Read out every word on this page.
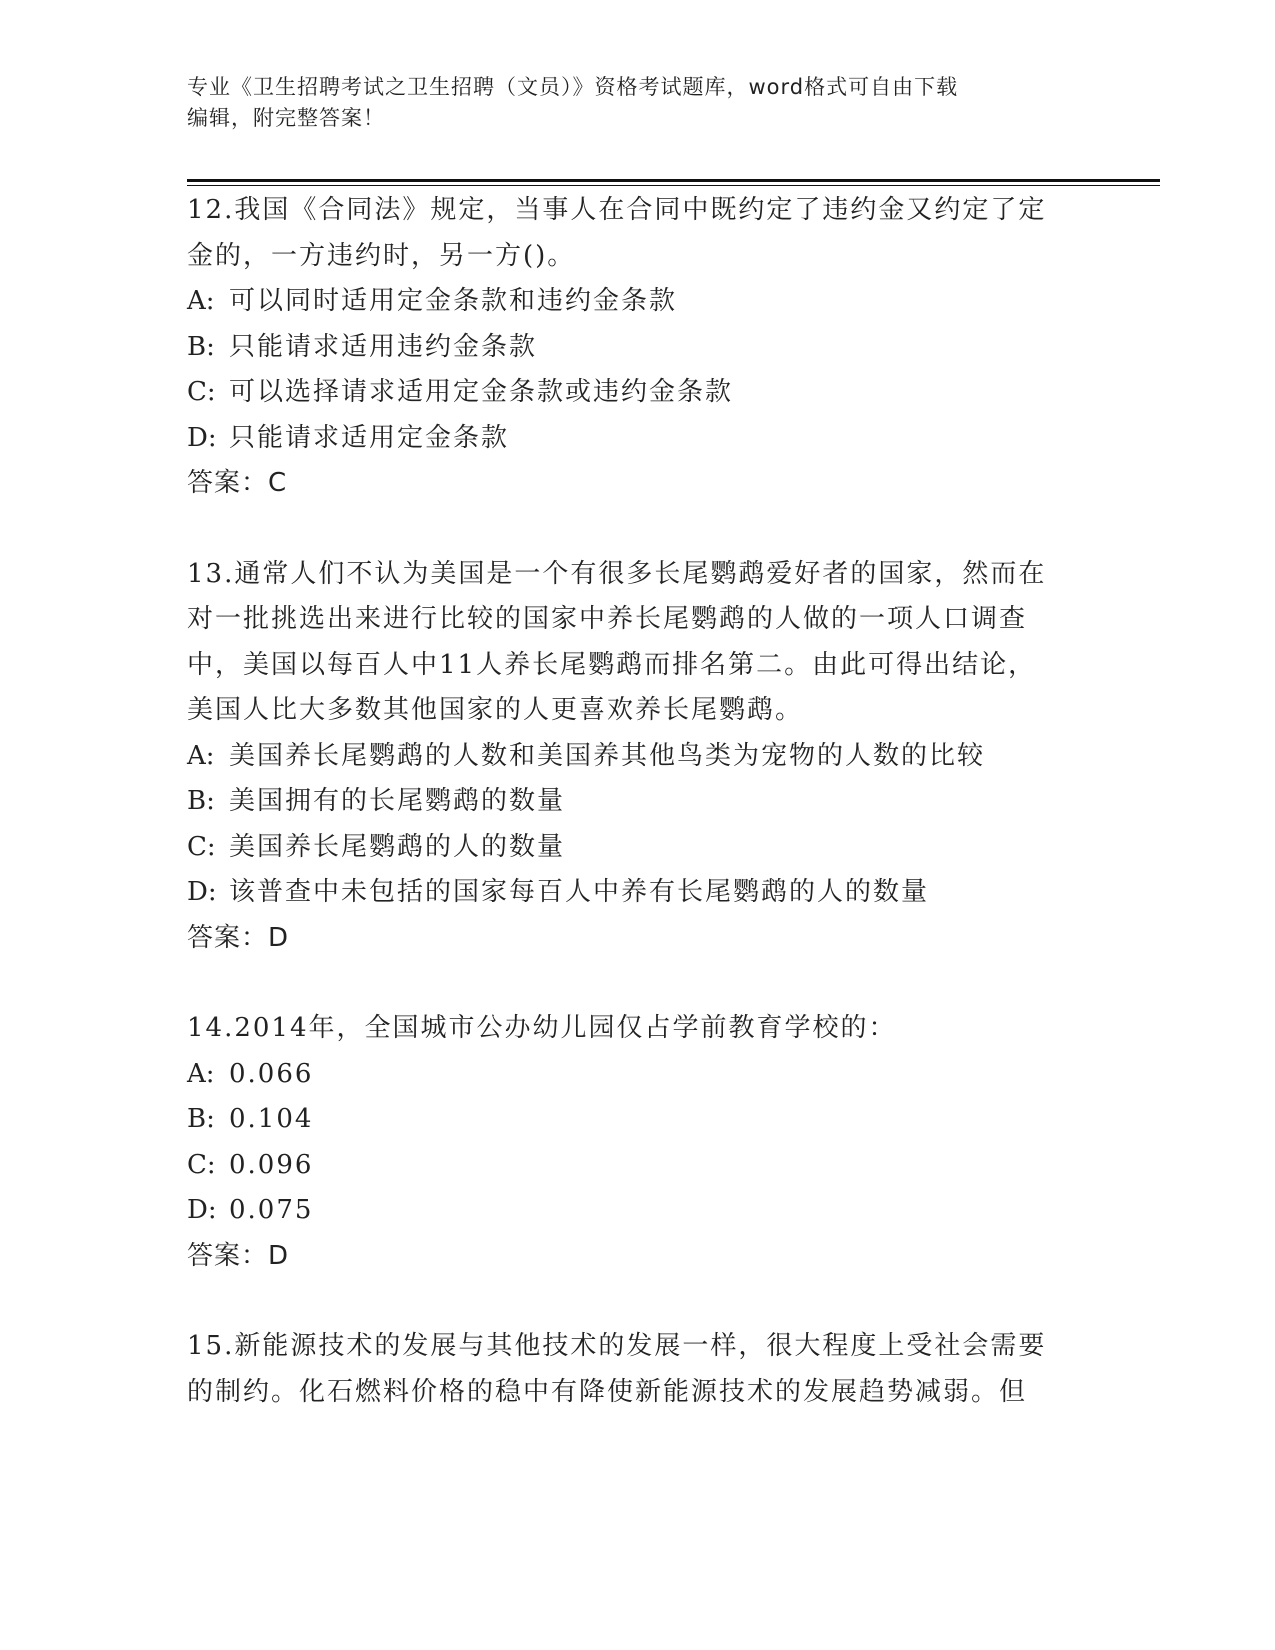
专业《卫生招聘考试之卫生招聘（文员）》资格考试题库，word格式可自由下载
编辑，附完整答案！

12.我国《合同法》规定，当事人在合同中既约定了违约金又约定了定

金的，一方违约时，另一方()。

A: 可以同时适用定金条款和违约金条款

B: 只能请求适用违约金条款

C: 可以选择请求适用定金条款或违约金条款

D: 只能请求适用定金条款

答案：C

13.通常人们不认为美国是一个有很多长尾鹦鹉爱好者的国家，然而在

对一批挑选出来进行比较的国家中养长尾鹦鹉的人做的一项人口调查

中，美国以每百人中11人养长尾鹦鹉而排名第二。由此可得出结论，

美国人比大多数其他国家的人更喜欢养长尾鹦鹉。

A: 美国养长尾鹦鹉的人数和美国养其他鸟类为宠物的人数的比较

B: 美国拥有的长尾鹦鹉的数量

C: 美国养长尾鹦鹉的人的数量

D: 该普查中未包括的国家每百人中养有长尾鹦鹉的人的数量

答案：D

14.2014年，全国城市公办幼儿园仅占学前教育学校的：

A: 0.066

B: 0.104

C: 0.096

D: 0.075

答案：D

15.新能源技术的发展与其他技术的发展一样，很大程度上受社会需要

的制约。化石燃料价格的稳中有降使新能源技术的发展趋势减弱。但
